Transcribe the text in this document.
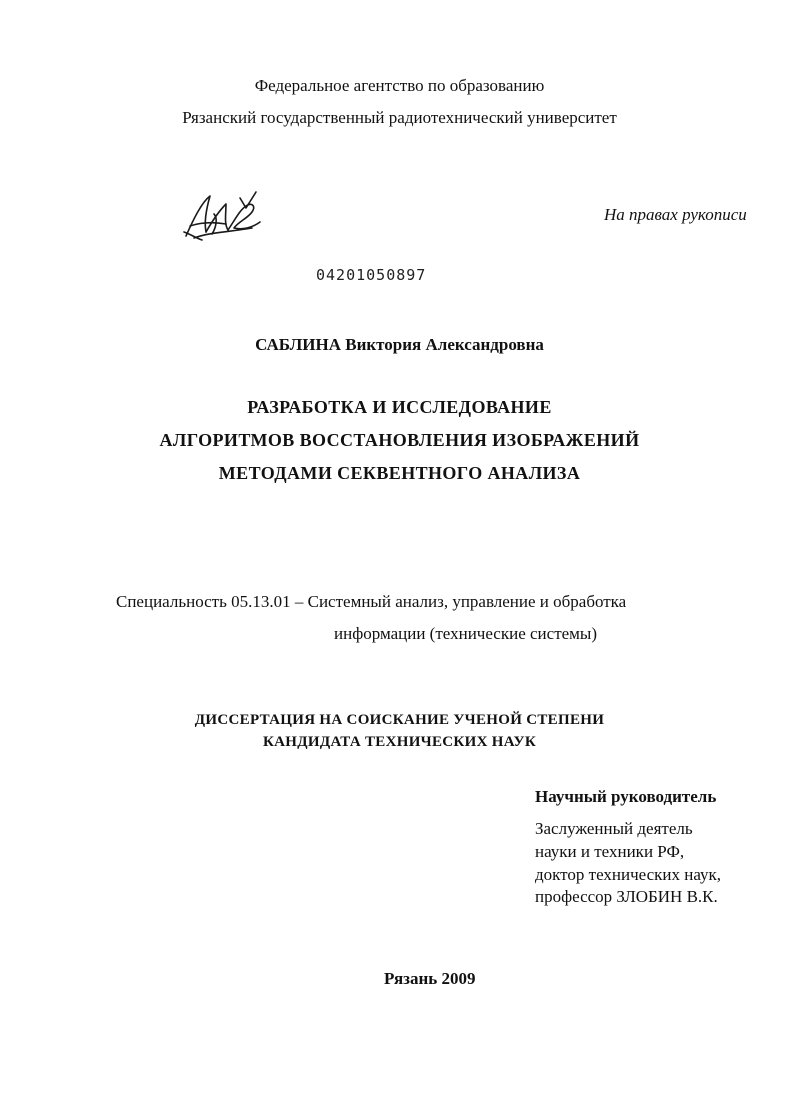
Федеральное агентство по образованию
Рязанский государственный радиотехнический университет
На правах рукописи
04201050897
САБЛИНА Виктория Александровна
РАЗРАБОТКА И ИССЛЕДОВАНИЕ
АЛГОРИТМОВ ВОССТАНОВЛЕНИЯ ИЗОБРАЖЕНИЙ
МЕТОДАМИ СЕКВЕНТНОГО АНАЛИЗА
Специальность 05.13.01 – Системный анализ, управление и обработка
информации (технические системы)
ДИССЕРТАЦИЯ НА СОИСКАНИЕ УЧЕНОЙ СТЕПЕНИ
КАНДИДАТА ТЕХНИЧЕСКИХ НАУК
Научный руководитель
Заслуженный деятель
науки и техники РФ,
доктор технических наук,
профессор ЗЛОБИН В.К.
Рязань 2009
